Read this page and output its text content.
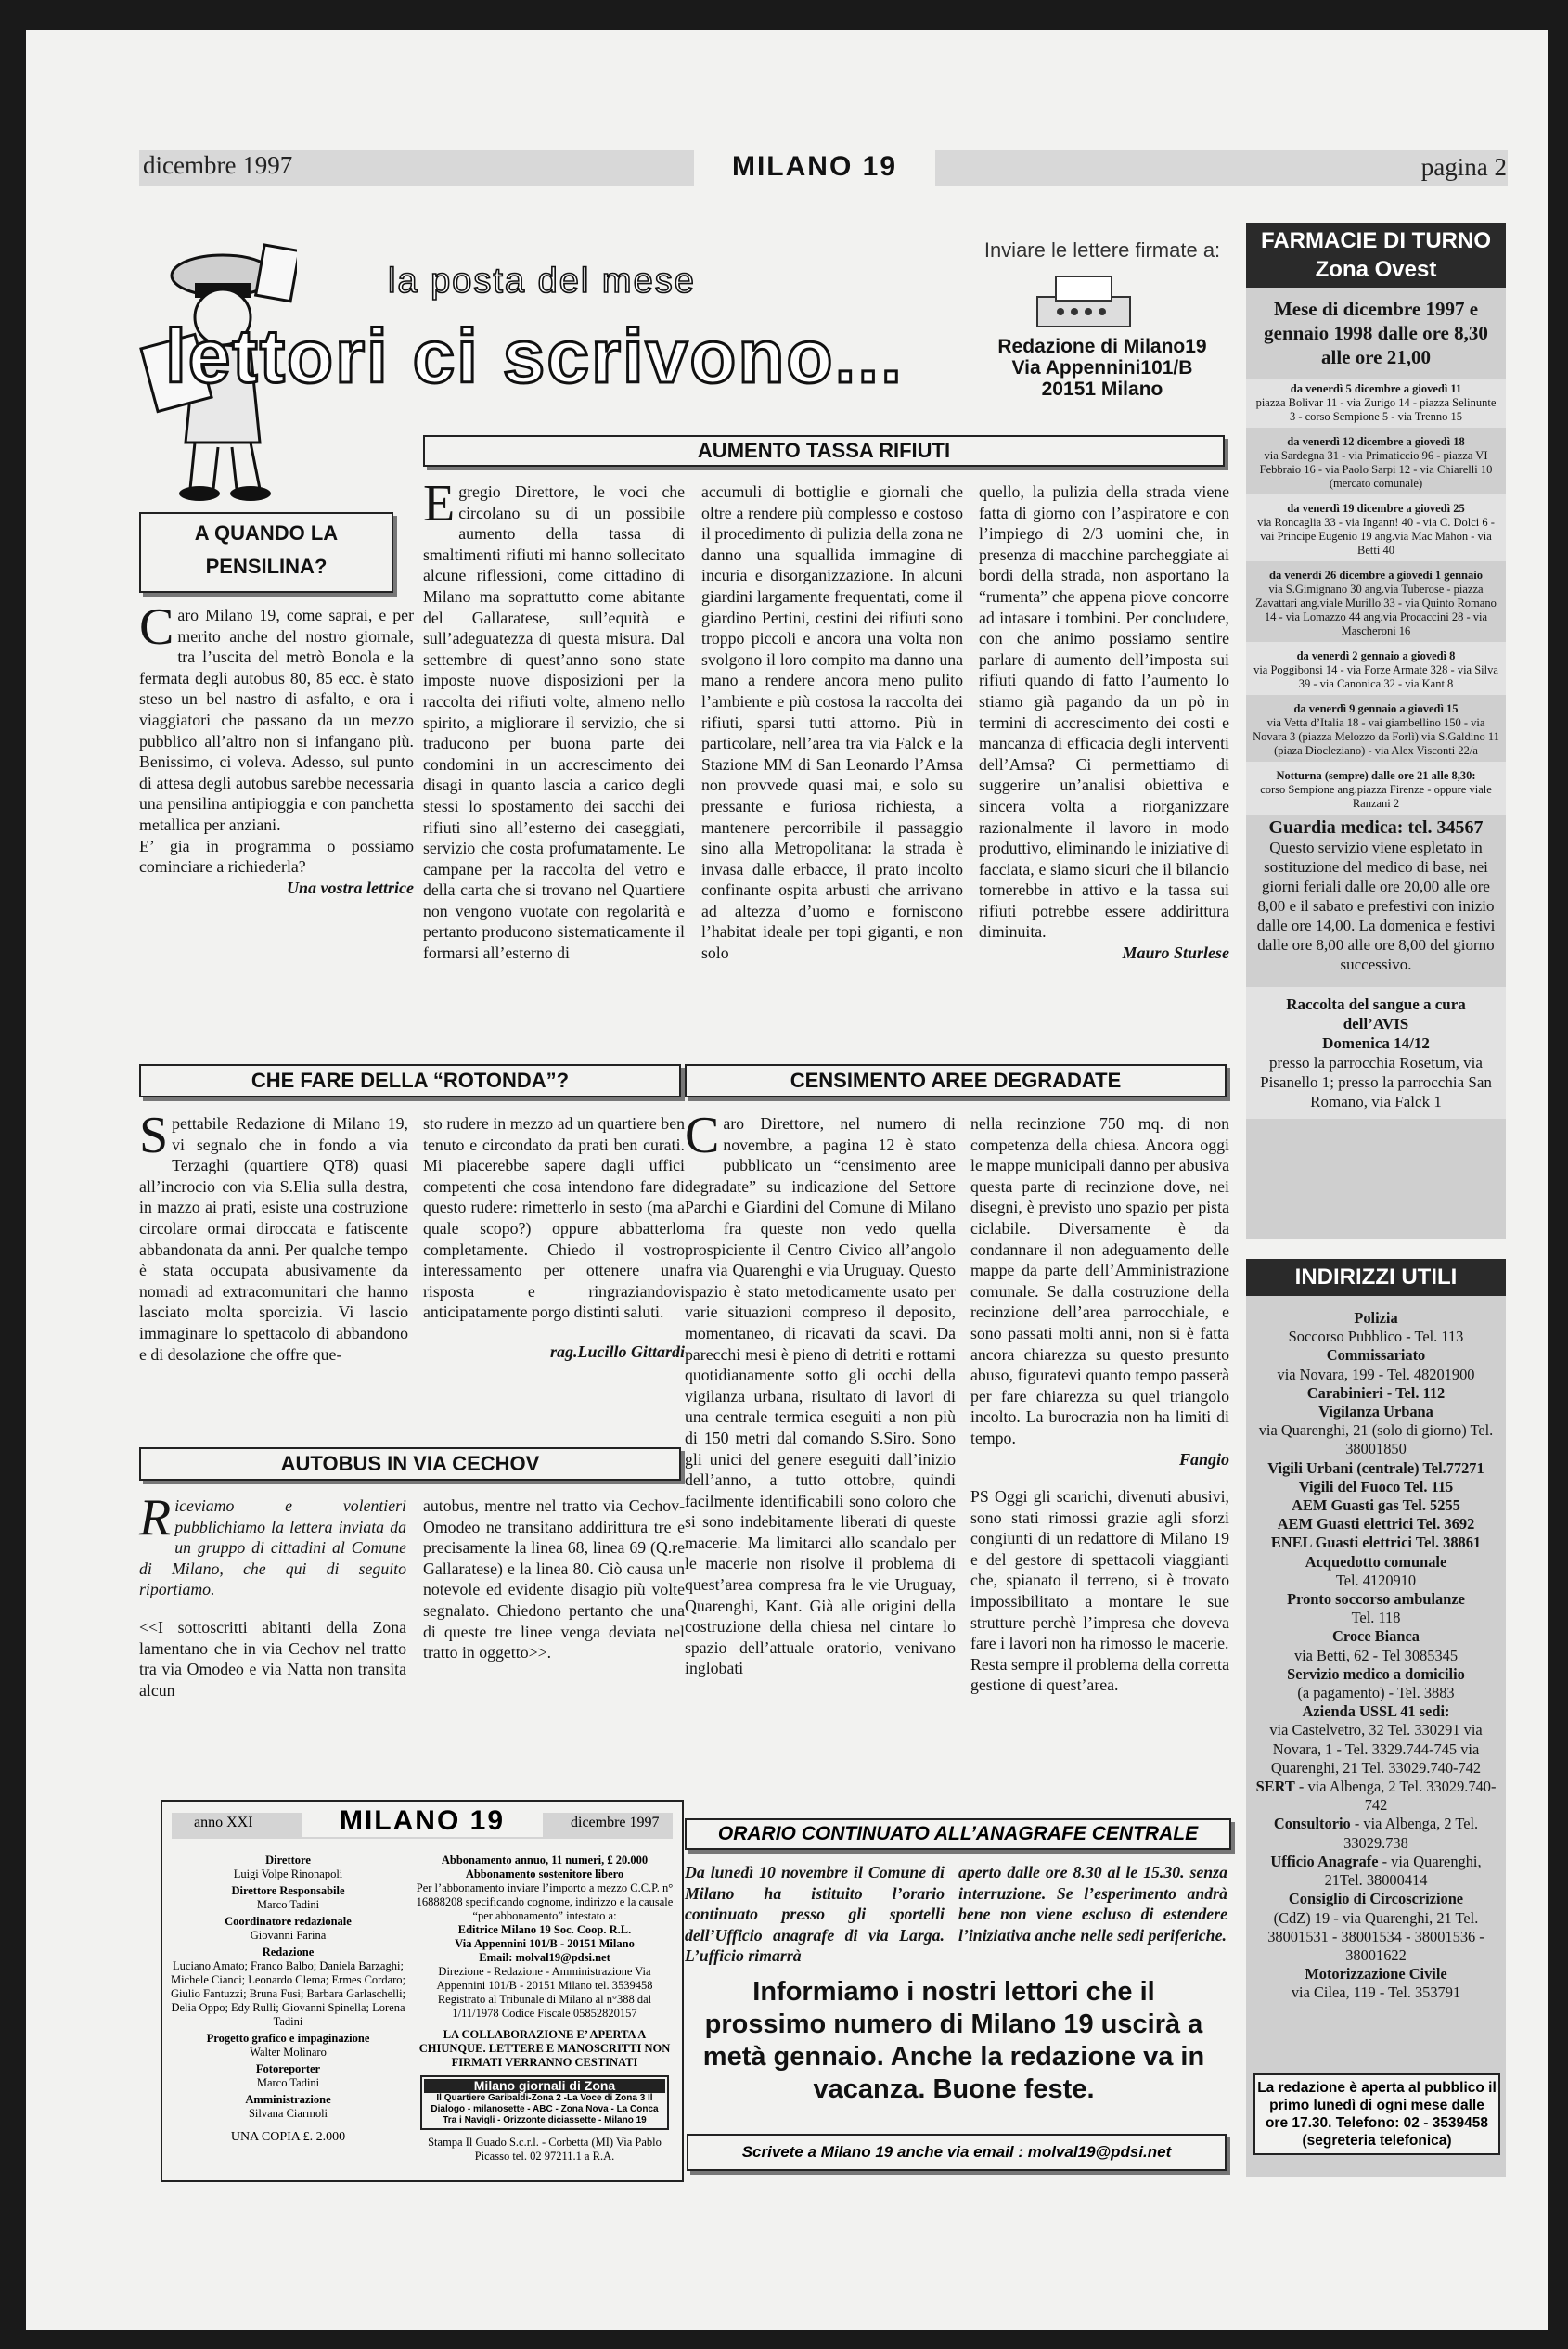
dicembre 1997	MILANO 19	pagina 2
la posta del mese
lettori ci scrivono...
Inviare le lettere firmate a:
Redazione di Milano19
Via Appennini101/B
20151 Milano
A QUANDO LA PENSILINA?

Caro Milano 19, come saprai, e per merito anche del nostro giornale, tra l’uscita del metrò Bonola e la fermata degli autobus 80, 85 ecc. è stato steso un bel nastro di asfalto, e ora i viaggiatori che passano da un mezzo pubblico all’altro non si infangano più. Benissimo, ci voleva. Adesso, sul punto di attesa degli autobus sarebbe necessaria una pensilina antipioggia e con panchetta metallica per anziani.

E’ gia in programma o possiamo cominciare a richiederla?

Una vostra lettrice
AUMENTO TASSA RIFIUTI

Egregio Direttore, le voci che circolano su di un possibile aumento della tassa di smaltimenti rifiuti mi hanno sollecitato alcune riflessioni, come cittadino di Milano ma soprattutto come abitante del Gallaratese, sull’equità e sull’adeguatezza di questa misura. Dal settembre di quest’anno sono state imposte nuove disposizioni per la raccolta dei rifiuti volte, almeno nello spirito, a migliorare il servizio, che si traducono per buona parte dei condomini in un accrescimento dei disagi in quanto lascia a carico degli stessi lo spostamento dei sacchi dei rifiuti sino all’esterno dei caseggiati, servizio che costa profumatamente. Le campane per la raccolta del vetro e della carta che si trovano nel Quartiere non vengono vuotate con regolarità e pertanto producono sistematicamente il formarsi all’esterno di

accumuli di bottiglie e giornali che oltre a rendere più complesso e costoso il procedimento di pulizia della zona ne danno una squallida immagine di incuria e disorganizzazione. In alcuni giardini largamente frequentati, come il giardino Pertini, cestini dei rifiuti sono troppo piccoli e ancora una volta non svolgono il loro compito ma danno una mano a rendere ancora meno pulito l’ambiente e più costosa la raccolta dei rifiuti, sparsi tutti attorno. Più in particolare, nell’area tra via Falck e la Stazione MM di San Leonardo l’Amsa non provvede quasi mai, e solo su pressante e furiosa richiesta, a mantenere percorribile il passaggio sino alla Metropolitana: la strada è invasa dalle erbacce, il prato incolto confinante ospita arbusti che arrivano ad altezza d’uomo e forniscono l’habitat ideale per topi giganti, e non solo

quello, la pulizia della strada viene fatta di giorno con l’aspiratore e con l’impiego di 2/3 uomini che, in presenza di macchine parcheggiate ai bordi della strada, non asportano la “rumenta” che appena piove concorre ad intasare i tombini. Per concludere, con che animo possiamo sentire parlare di aumento dell’imposta sui rifiuti quando di fatto l’aumento lo stiamo già pagando da un pò in termini di accrescimento dei costi e mancanza di efficacia degli interventi dell’Amsa? Ci permettiamo di suggerire un’analisi obiettiva e sincera volta a riorganizzare razionalmente il lavoro in modo produttivo, eliminando le iniziative di facciata, e siamo sicuri che il bilancio tornerebbe in attivo e la tassa sui rifiuti potrebbe essere addirittura diminuita.

Mauro Sturlese
CHE FARE DELLA “ROTONDA”?

Spettabile Redazione di Milano 19, vi segnalo che in fondo a via Terzaghi (quartiere QT8) quasi all’incrocio con via S.Elia sulla destra, in mazzo ai prati, esiste una costruzione circolare ormai diroccata e fatiscente abbandonata da anni. Per qualche tempo è stata occupata abusivamente da nomadi ad extracomunitari che hanno lasciato molta sporcizia. Vi lascio immaginare lo spettacolo di abbandono e di desolazione che offre que-

sto rudere in mezzo ad un quartiere ben tenuto e circondato da prati ben curati. Mi piacerebbe sapere dagli uffici competenti che cosa intendono fare di questo rudere: rimetterlo in sesto (ma a quale scopo?) oppure abbatterlo completamente. Chiedo il vostro interessamento per ottenere una risposta e ringraziandovi anticipatamente porgo distinti saluti.

rag.Lucillo Gittardi
CENSIMENTO AREE DEGRADATE

Caro Direttore, nel numero di novembre, a pagina 12 è stato pubblicato un “censimento aree degradate” su indicazione del Settore Parchi e Giardini del Comune di Milano ma fra queste non vedo quella prospiciente il Centro Civico all’angolo fra via Quarenghi e via Uruguay. Questo spazio è stato metodicamente usato per varie situazioni compreso il deposito, momentaneo, di ricavati da scavi. Da parecchi mesi è pieno di detriti e rottami quotidianamente sotto gli occhi della vigilanza urbana, risultato di lavori di una centrale termica eseguiti a non più di 150 metri dal comando S.Siro. Sono gli unici del genere eseguiti dall’inizio dell’anno, a tutto ottobre, quindi facilmente identificabili sono coloro che si sono indebitamente liberati di queste macerie. Ma limitarci allo scandalo per le macerie non risolve il problema di quest’area compresa fra le vie Uruguay, Quarenghi, Kant. Già alle origini della costruzione della chiesa nel cintare lo spazio dell’attuale oratorio, venivano inglobati

nella recinzione 750 mq. di non competenza della chiesa. Ancora oggi le mappe municipali danno per abusiva questa parte di recinzione dove, nei disegni, è previsto uno spazio per pista ciclabile. Diversamente è da condannare il non adeguamento delle mappe da parte dell’Amministrazione comunale. Se dalla costruzione della recinzione dell’area parrocchiale, e sono passati molti anni, non si è fatta ancora chiarezza su questo presunto abuso, figuratevi quanto tempo passerà per fare chiarezza su quel triangolo incolto. La burocrazia non ha limiti di tempo.

Fangio

PS Oggi gli scarichi, divenuti abusivi, sono stati rimossi grazie agli sforzi congiunti di un redattore di Milano 19 e del gestore di spettacoli viaggianti che, spianato il terreno, si è trovato impossibilitato a montare le sue strutture perchè l’impresa che doveva fare i lavori non ha rimosso le macerie.

Resta sempre il problema della corretta gestione di quest’area.

AUTOBUS IN VIA CECHOV

Riceviamo e volentieri pubblichiamo la lettera inviata da un gruppo di cittadini al Comune di Milano, che qui di seguito riportiamo.

<<I sottoscritti abitanti della Zona lamentano che in via Cechov nel tratto tra via Omodeo e via Natta non transita alcun

autobus, mentre nel tratto via Cechov-Omodeo ne transitano addirittura tre e precisamente la linea 68, linea 69 (Q.re Gallaratese) e la linea 80. Ciò causa un notevole ed evidente disagio più volte segnalato. Chiedono pertanto che una di queste tre linee venga deviata nel tratto in oggetto>>.

anno XXI	MILANO 19	dicembre 1997
Direttore
Luigi Volpe Rinonapoli
Direttore Responsabile
Marco Tadini
Coordinatore redazionale
Giovanni Farina
Redazione
Luciano Amato; Franco Balbo; Daniela Barzaghi; Michele Cianci; Leonardo Clema; Ermes Cordaro; Giulio Fantuzzi; Bruna Fusi; Barbara Garlaschelli; Delia Oppo; Edy Rulli; Giovanni Spinella; Lorena Tadini
Progetto grafico e impaginazione
Walter Molinaro
Fotoreporter
Marco Tadini
Amministrazione
Silvana Ciarmoli
UNA COPIA £. 2.000
Abbonamento annuo, 11 numeri, £ 20.000
Abbonamento sostenitore libero
Per l’abbonamento inviare l’importo a mezzo C.C.P. n° 16888208 specificando cognome, indirizzo e la causale “per abbonamento” intestato a:
Editrice Milano 19 Soc. Coop. R.L.
Via Appennini 101/B - 20151 Milano
Email: molval19@pdsi.net
Direzione - Redazione - Amministrazione Via Appennini 101/B - 20151 Milano tel. 3539458 Registrato al Tribunale di Milano al n°388 dal 1/11/1978 Codice Fiscale 05852820157
LA COLLABORAZIONE E’ APERTA A CHIUNQUE. LETTERE E MANOSCRITTI NON FIRMATI VERRANNO CESTINATI
Milano giornali di Zona
Il Quartiere Garibaldi-Zona 2 -La Voce di Zona 3 Il Dialogo - milanosette - ABC - Zona Nova - La Conca Tra i Navigli - Orizzonte diciassette - Milano 19
Stampa Il Guado S.c.r.l. - Corbetta (MI) Via Pablo Picasso tel. 02 97211.1 a R.A.
ORARIO CONTINUATO ALL’ANAGRAFE CENTRALE

Da lunedì 10 novembre il Comune di Milano ha istituito l’orario continuato presso gli sportelli dell’Ufficio anagrafe di via Larga. L’ufficio rimarrà

aperto dalle ore 8.30 al le 15.30. senza interruzione. Se l’esperimento andrà bene non viene escluso di estendere l’iniziativa anche nelle sedi periferiche.

Informiamo i nostri lettori che il prossimo numero di Milano 19 uscirà a metà gennaio. Anche la redazione va in vacanza. Buone feste.
Scrivete a Milano 19 anche via email : molval19@pdsi.net
FARMACIE DI TURNO
Zona Ovest
Mese di dicembre 1997 e gennaio 1998 dalle ore 8,30 alle ore 21,00
da venerdì 5 dicembre a giovedì 11
piazza Bolivar 11 - via Zurigo 14 - piazza Selinunte 3 - corso Sempione 5 - via Trenno 15
da venerdì 12 dicembre a giovedì 18
via Sardegna 31 - via Primaticcio 96 - piazza VI Febbraio 16 - via Paolo Sarpi 12 - via Chiarelli 10 (mercato comunale)
da venerdì 19 dicembre a giovedì 25
via Roncaglia 33 - via Ingann! 40 - via C. Dolci 6 - vai Principe Eugenio 19 ang.via Mac Mahon - via Betti 40
da venerdì 26 dicembre a giovedì 1 gennaio
via S.Gimignano 30 ang.via Tuberose - piazza Zavattari ang.viale Murillo 33 - via Quinto Romano 14 - via Lomazzo 44 ang.via Procaccini 28 - via Mascheroni 16
da venerdì 2 gennaio a giovedì 8
via Poggibonsi 14 - via Forze Armate 328 - via Silva 39 - via Canonica 32 - via Kant 8
da venerdì 9 gennaio a giovedì 15
via Vetta d’Italia 18 - vai giambellino 150 - via Novara 3 (piazza Melozzo da Forlì) via S.Galdino 11 (piaza Diocleziano) - via Alex Visconti 22/a
Notturna (sempre) dalle ore 21 alle 8,30:
corso Sempione ang.piazza Firenze - oppure viale Ranzani 2
Guardia medica: tel. 34567
Questo servizio viene espletato in sostituzione del medico di base, nei giorni feriali dalle ore 20,00 alle ore 8,00 e il sabato e prefestivi con inizio dalle ore 14,00. La domenica e festivi dalle ore 8,00 alle ore 8,00 del giorno successivo.
Raccolta del sangue a cura dell’AVIS
Domenica 14/12
presso la parrocchia Rosetum, via Pisanello 1; presso la parrocchia San Romano, via Falck 1
INDIRIZZI UTILI
Polizia
Soccorso Pubblico - Tel. 113
Commissariato
via Novara, 199 - Tel. 48201900
Carabinieri - Tel. 112
Vigilanza Urbana
via Quarenghi, 21 (solo di giorno) Tel. 38001850
Vigili Urbani (centrale) Tel.77271
Vigili del Fuoco Tel. 115
AEM Guasti gas Tel. 5255
AEM Guasti elettrici Tel. 3692
ENEL Guasti elettrici Tel. 38861
Acquedotto comunale
Tel. 4120910
Pronto soccorso ambulanze
Tel. 118
Croce Bianca
via Betti, 62 - Tel 3085345
Servizio medico a domicilio
(a pagamento) - Tel. 3883
Azienda USSL 41 sedi:
via Castelvetro, 32 Tel. 330291 via Novara, 1 - Tel. 3329.744-745 via Quarenghi, 21 Tel. 33029.740-742
SERT - via Albenga, 2 Tel. 33029.740-742
Consultorio - via Albenga, 2 Tel. 33029.738
Ufficio Anagrafe - via Quarenghi, 21Tel. 38000414
Consiglio di Circoscrizione
(CdZ) 19 - via Quarenghi, 21 Tel. 38001531 - 38001534 - 38001536 - 38001622
Motorizzazione Civile
via Cilea, 119 - Tel. 353791
La redazione è aperta al pubblico il primo lunedì di ogni mese dalle ore 17.30. Telefono: 02 - 3539458 (segreteria telefonica)
